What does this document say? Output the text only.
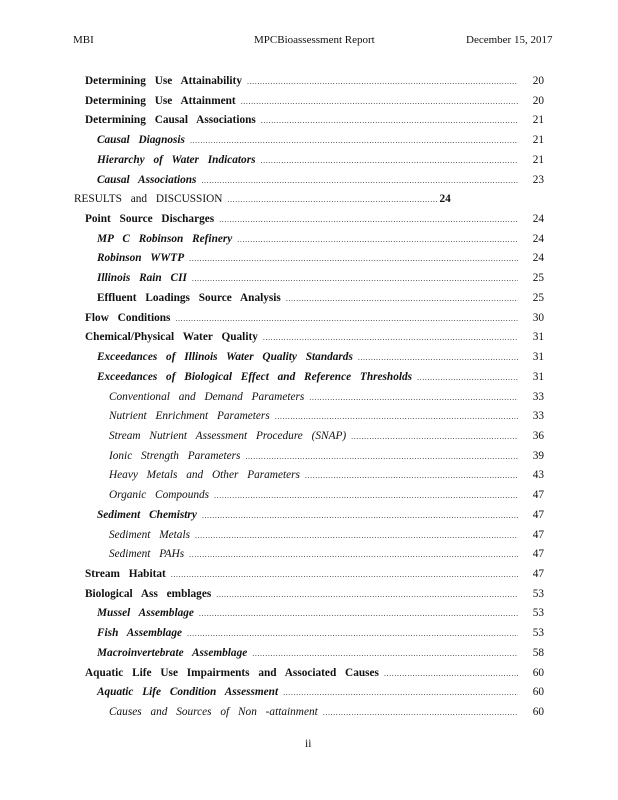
MBI	MPCBioassessment Report	December 15, 2017
Determining Use Attainability .....	20
Determining Use Attainment .....	20
Determining Causal Associations .....	21
Causal Diagnosis .....	21
Hierarchy of Water Indicators .....	21
Causal Associations .....	23
RESULTS and DISCUSSION .....	24
Point Source Discharges .....	24
MP C Robinson Refinery .....	24
Robinson WWTP .....	24
Illinois Rain CII .....	25
Effluent Loadings Source Analysis .....	25
Flow Conditions .....	30
Chemical/Physical Water Quality .....	31
Exceedances of Illinois Water Quality Standards .....	31
Exceedances of Biological Effect and Reference Thresholds .....	31
Conventional and Demand Parameters .....	33
Nutrient Enrichment Parameters .....	33
Stream Nutrient Assessment Procedure (SNAP) .....	36
Ionic Strength Parameters .....	39
Heavy Metals and Other Parameters .....	43
Organic Compounds .....	47
Sediment Chemistry .....	47
Sediment Metals .....	47
Sediment PAHs .....	47
Stream Habitat .....	47
Biological Ass emblages .....	53
Mussel Assemblage .....	53
Fish Assemblage .....	53
Macroinvertebrate Assemblage .....	58
Aquatic Life Use Impairments and Associated Causes .....	60
Aquatic Life Condition Assessment .....	60
Causes and Sources of Non -attainment .....	60
ii
